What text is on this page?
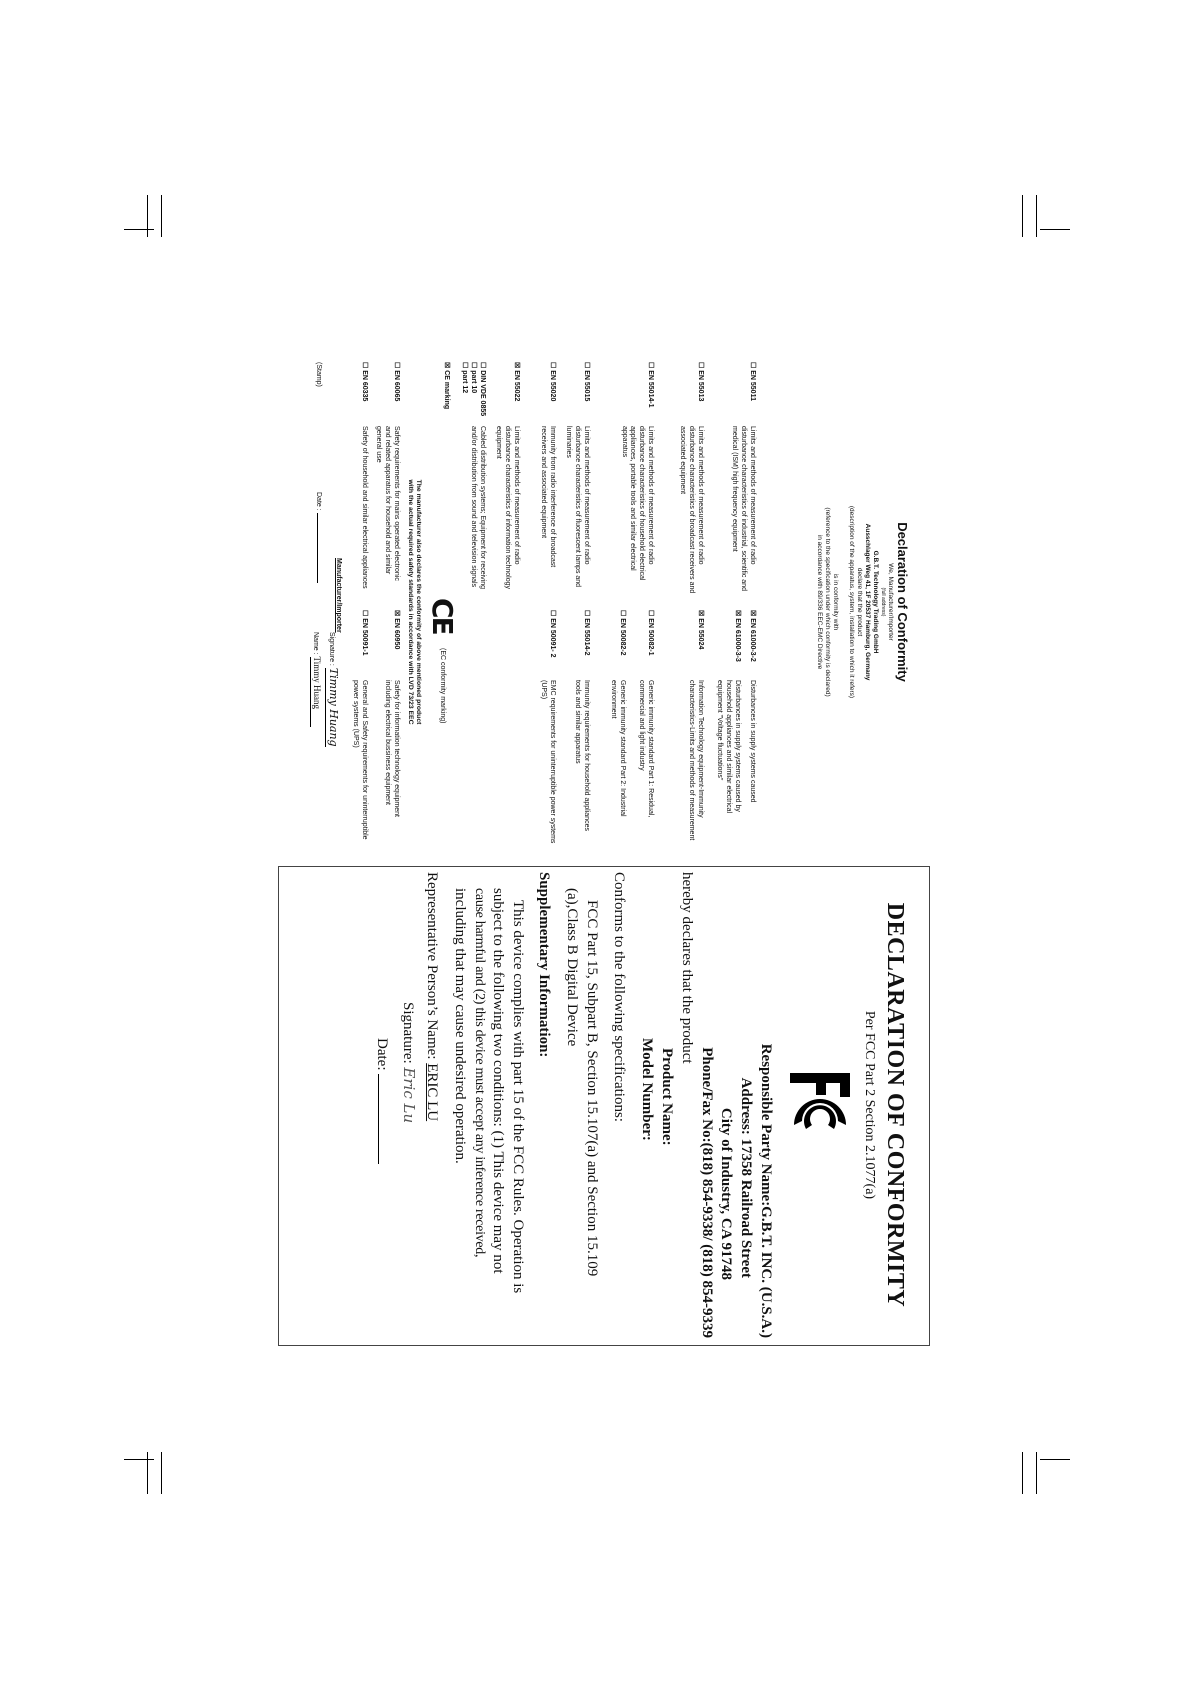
Declaration of Conformity
We, Manufacturer/Importer
(full address)
G.B.T. Technology Trading GmbH
Ausschlager Weg 41, 1F 20537 Hamburg, Germany
declare that the product
(description of the apparatus, system, installation to which it refers)
is in conformity with
(reference to the specification under which conformity is declared)
in accordance with 89/336 EEC-EMC Directive
☐ EN 55011
Limits and methods of measurement of radio disturbance characteristics of industrial, scientific and medical (ISM) high frequency equipment
☒ EN 61000-3-2
Disturbances in supply systems caused
☒ EN 61000-3-3
Disturbances in supply systems caused by household appliances and similar electrical equipment "Voltage fluctuations"
☐ EN 55013
Limits and methods of measurement of radio disturbance characteristics of broadcast receivers and associated equipment
☒ EN 55024
Information Technology equipment-Immunity characteristics-Limits and methods of measurement
☐ EN 55014-1
Limits and methods of measurement of radio disturbance characteristics of household electrical appliances, portable tools and similar electrical apparatus
☐ EN 50082-1
Generic immunity standard Part 1: Residual, commercial and light industry
☐ EN 50082-2
Generic immunity standard Part 2: Industrial environment
☐ EN 55015
Limits and methods of measurement of radio disturbance characteristics of fluorescent lamps and luminaries
☐ EN 55014-2
Immunity requirements for household appliances tools and similar apparatus
☐ EN 55020
Immunity from radio interference of broadcast receivers and associated equipment
☐ EN 50091- 2
EMC requirements for uninterruptible power systems (UPS)
☒ EN 55022
Limits and methods of measurement of radio disturbance characteristics of information technology equipment
☐ DIN VDE 0855
☐ part 10
☐ part 12
Cabled distribution systems; Equipment for receiving and/or distribution from sound and television signals
☒ CE marking
CE
(EC conformity marking)
The manufacturer also declares the conformity of above mentioned product
with the actual required safety standards in accordance with LVD 73/23 EEC
☐ EN 60065
Safety requirements for mains operated electronic and related apparatus for household and similar general use
☒ EN 60950
Safety for information technology equipment including electrical bussiness equipment
☐ EN 60335
Safety of household and similar electrical appliances
☐ EN 50091-1
General and Safety requirements for uninterruptible power systems (UPS)
Manufacturer/Importer
Signature : Timmy Huang
(Stamp)
Date :
Name : Timmy Huang
DECLARATION OF CONFORMITY
Per FCC Part 2 Section 2.1077(a)
FC

Responsible Party Name:G.B.T. INC. (U.S.A.)

Address: 17358 Railroad Street

City of Industry, CA 91748

Phone/Fax No:(818) 854-9338/ (818) 854-9339

hereby declares that the product

Product Name:

Model Number:

Conforms to the following specifications:

FCC Part 15, Subpart B, Section 15.107(a) and Section 15.109

(a),Class B Digital Device

Supplementary Information:

This device complies with part 15 of the FCC Rules. Operation is

subject to the following two conditions: (1) This device may not

cause harmful and (2) this device must accept any inference received,

including that may cause undesired operation.

Representative Person’s Name: ERIC LU

Signature: Eric Lu

Date:
